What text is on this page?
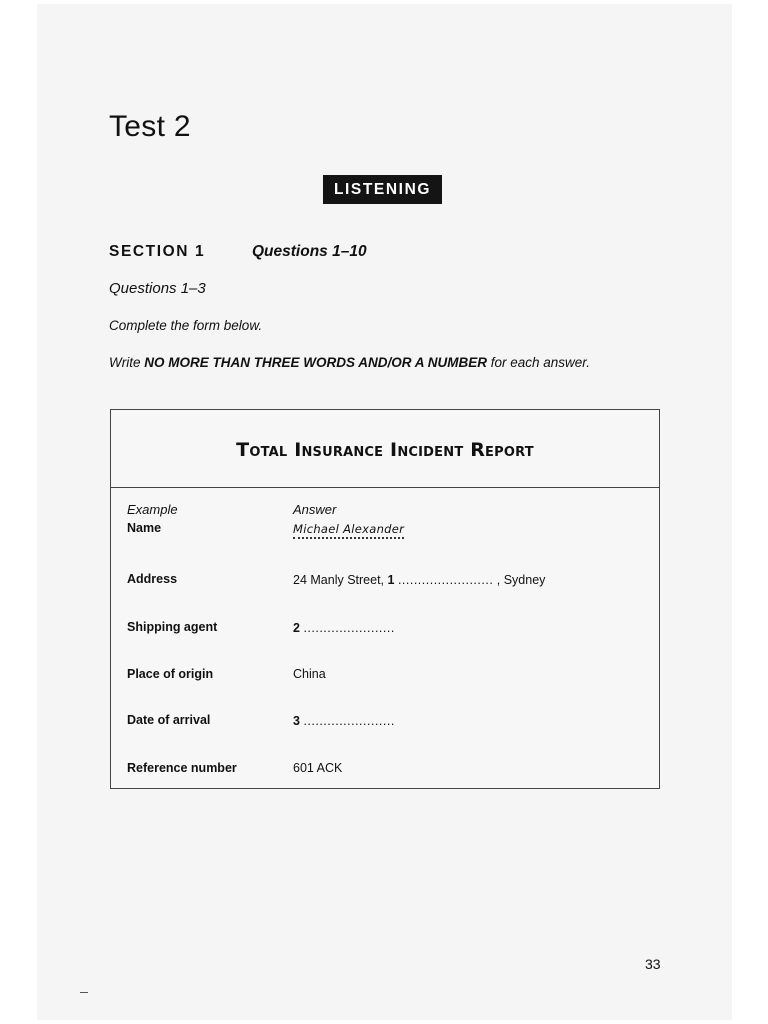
Test 2
LISTENING
SECTION 1	Questions 1–10
Questions 1–3
Complete the form below.
Write NO MORE THAN THREE WORDS AND/OR A NUMBER for each answer.
Total Insurance Incident Report
Example	Answer
Name	Michael Alexander
Address	24 Manly Street, 1 ........................ , Sydney
Shipping agent	2 .......................
Place of origin	China
Date of arrival	3 .......................
Reference number	601 ACK
33
